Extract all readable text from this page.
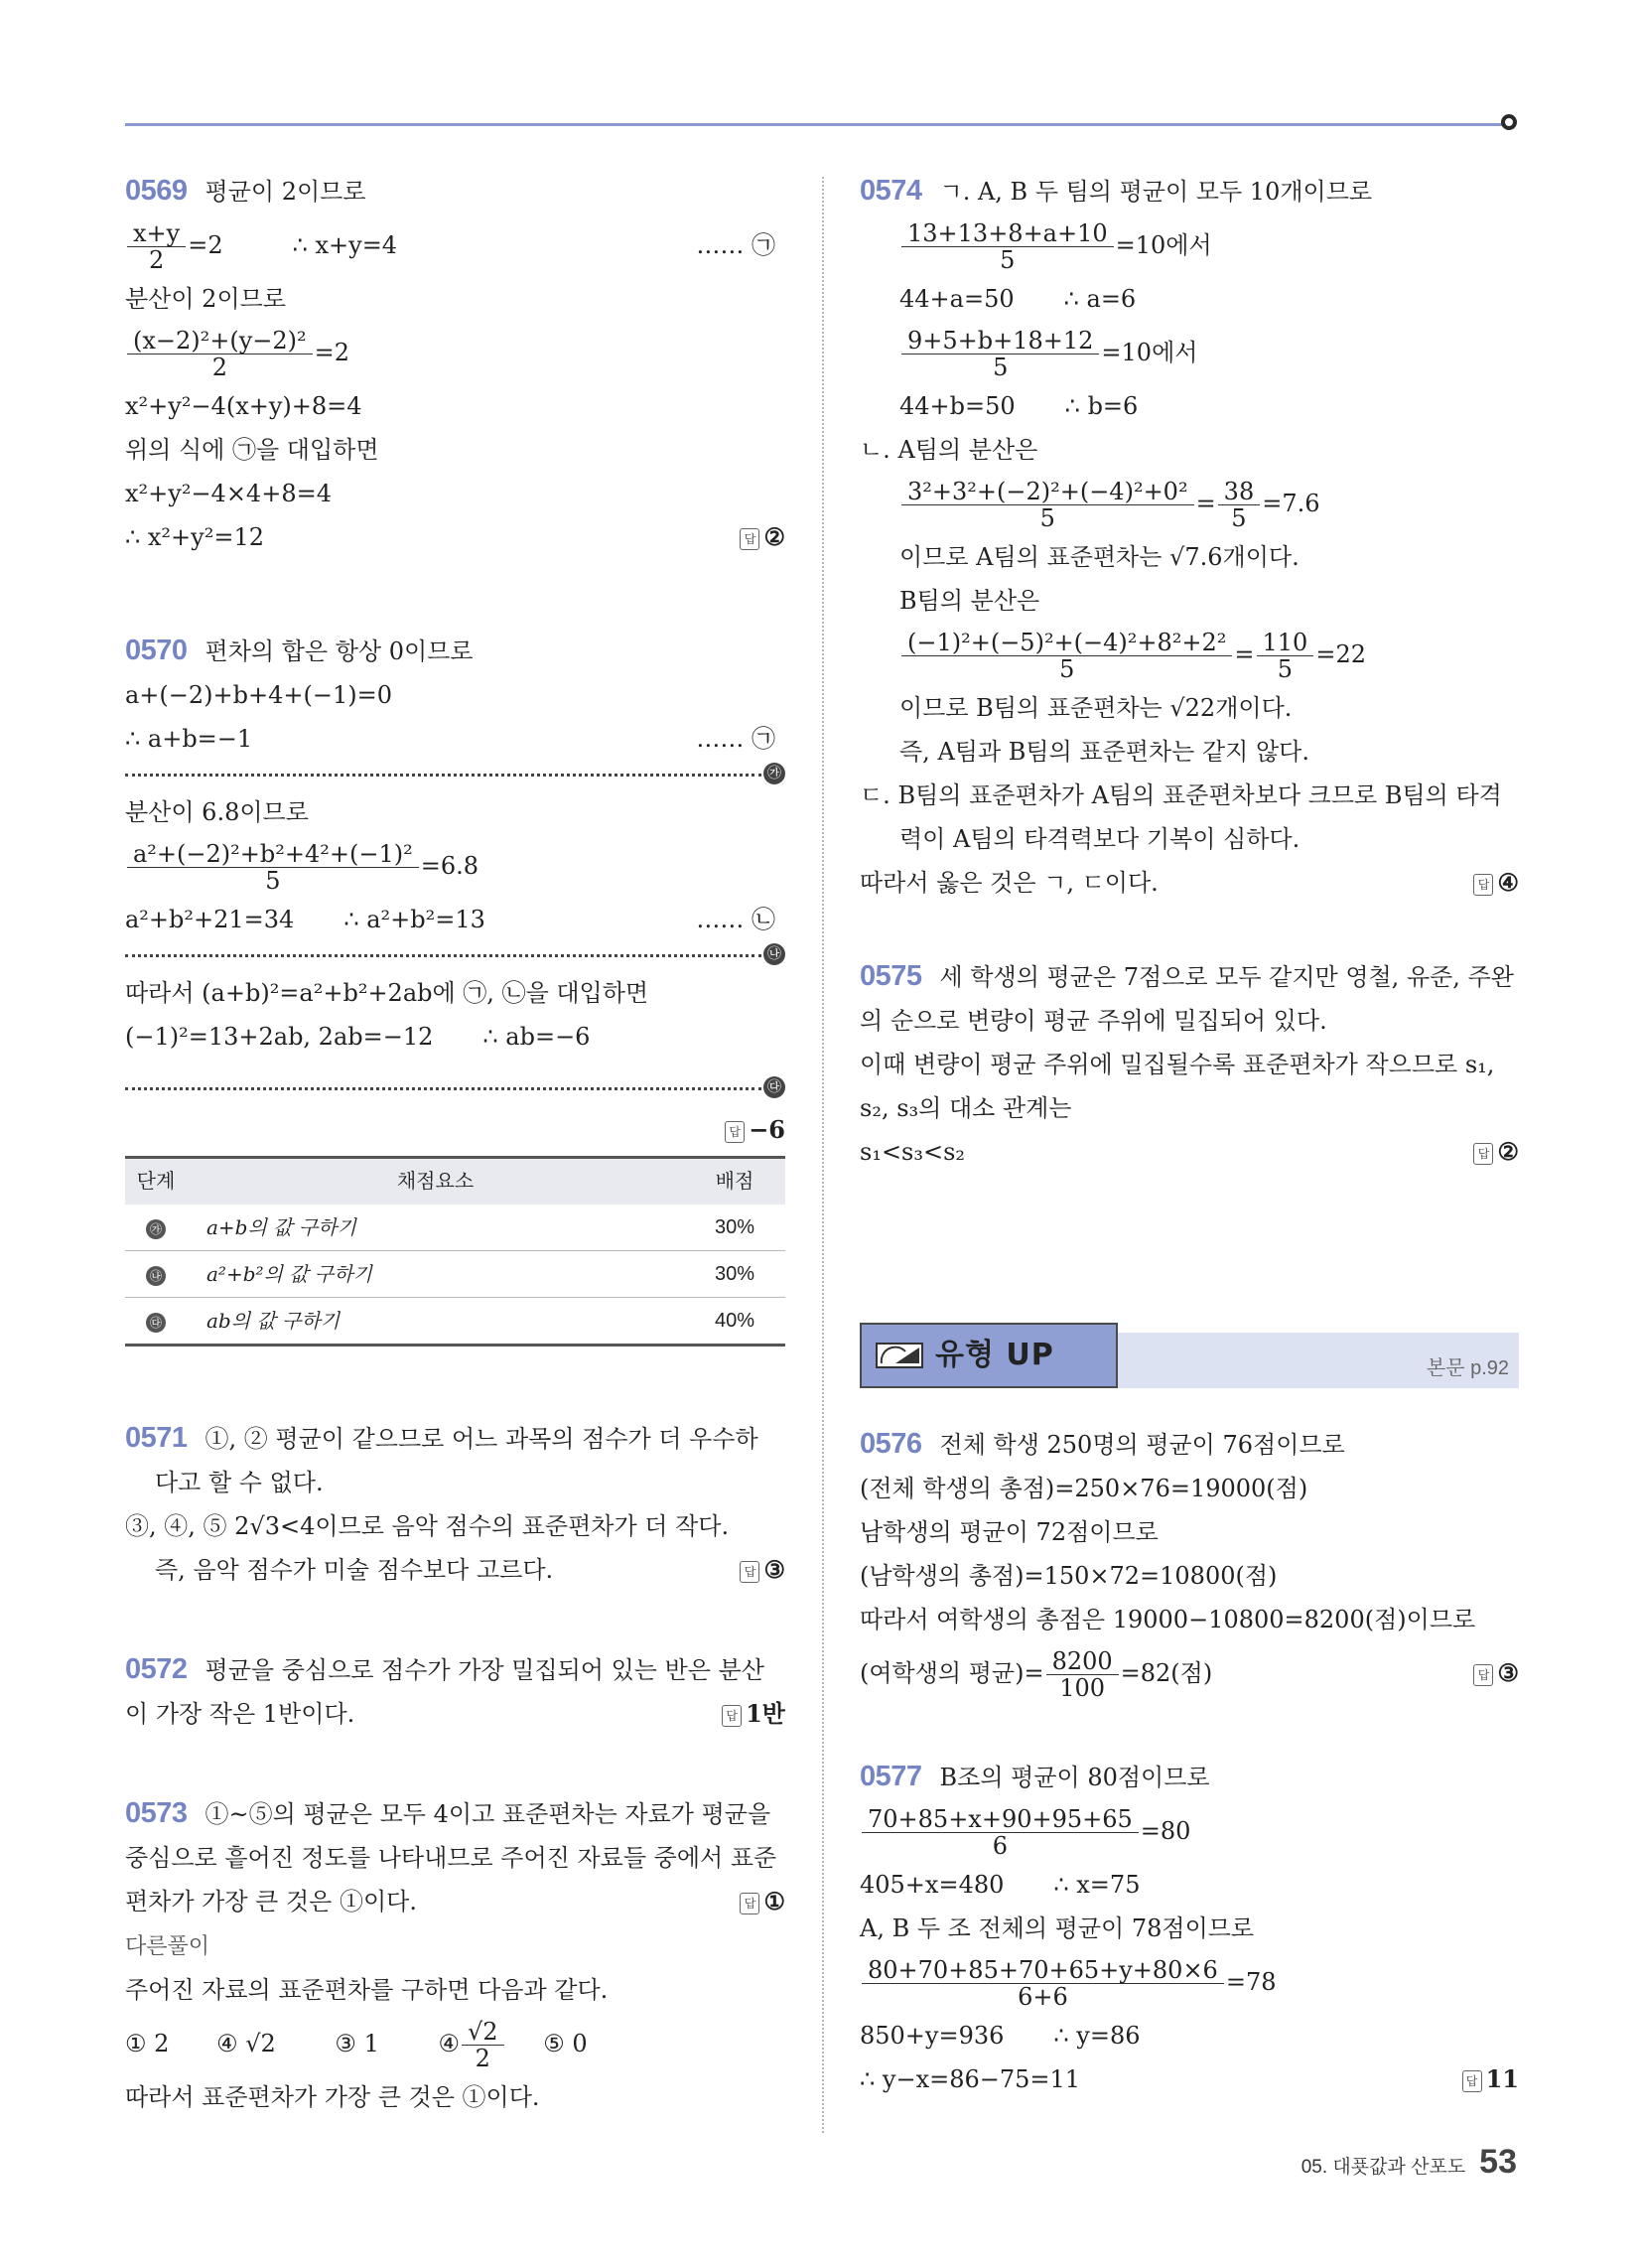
0569 평균이 2이므로
$\frac{x+y}{2} =2$	∴ x+y=4	…… ㉠
분산이 2이므로
$\frac{\text{(x−2)²+(y−2)²}}{2} =2$
x²+y²−4(x+y)+8=4
위의 식에 ㉠을 대입하면
x²+y²−4×4+8=4
∴ x²+y²=12	답 ②
0570 편차의 합은 항상 0이므로
a+(−2)+b+4+(−1)=0
∴ a+b=−1	…… ㉠
㉮
분산이 6.8이므로
$\frac{\text{a²+(−2)²+b²+4²+(−1)²}}{5} =6.8$
a²+b²+21=34 ∴ a²+b²=13	…… ㉡
㉯
따라서 (a+b)²=a²+b²+2ab에 ㉠, ㉡을 대입하면
(−1)²=13+2ab, 2ab=−12 ∴ ab=−6
㉰
답 −6
단계	채점요소	배점
㉮	a+b의 값 구하기	30%
㉯	a²+b²의 값 구하기	30%
㉰	ab의 값 구하기	40%
0571 ①, ② 평균이 같으므로 어느 과목의 점수가 더 우수하
다고 할 수 없다.
③, ④, ⑤ 2√3<4이므로 음악 점수의 표준편차가 더 작다.
즉, 음악 점수가 미술 점수보다 고르다.	답 ③
0572 평균을 중심으로 점수가 가장 밀집되어 있는 반은 분산
이 가장 작은 1반이다.	답 1반
0573 ①~⑤의 평균은 모두 4이고 표준편차는 자료가 평균을
중심으로 흩어진 정도를 나타내므로 주어진 자료들 중에서 표준
편차가 가장 큰 것은 ①이다.	답 ①
다른풀이
주어진 자료의 표준편차를 구하면 다음과 같다.
① 2 ④ √2 ③ 1 ④ $\frac{√2}{2}$ ⑤ 0
따라서 표준편차가 가장 큰 것은 ①이다.
0574 ㄱ. A, B 두 팀의 평균이 모두 10개이므로
$\frac{13+13+8+a+10}{5} =10$에서
44+a=50 ∴ a=6
$\frac{9+5+b+18+12}{5} =10$에서
44+b=50 ∴ b=6
ㄴ. A팀의 분산은
$\frac{\text{3²+3²+(−2)²+(−4)²+0²}}{5} = \frac{38}{5} =7.6$
이므로 A팀의 표준편차는 √7.6개이다.
B팀의 분산은
$\frac{\text{(−1)²+(−5)²+(−4)²+8²+2²}}{5} = \frac{110}{5} =22$
이므로 B팀의 표준편차는 √22개이다.
즉, A팀과 B팀의 표준편차는 같지 않다.
ㄷ. B팀의 표준편차가 A팀의 표준편차보다 크므로 B팀의 타격
력이 A팀의 타격력보다 기복이 심하다.
따라서 옳은 것은 ㄱ, ㄷ이다.	답 ④
0575 세 학생의 평균은 7점으로 모두 같지만 영철, 유준, 주완
의 순으로 변량이 평균 주위에 밀집되어 있다.
이때 변량이 평균 주위에 밀집될수록 표준편차가 작으므로 s₁,
s₂, s₃의 대소 관계는
s₁<s₃<s₂	답 ②
유형 UP	본문 p.92
0576 전체 학생 250명의 평균이 76점이므로
(전체 학생의 총점)=250×76=19000(점)
남학생의 평균이 72점이므로
(남학생의 총점)=150×72=10800(점)
따라서 여학생의 총점은 19000−10800=8200(점)이므로
(여학생의 평균)= $\frac{8200}{100} =82$(점)	답 ③
0577 B조의 평균이 80점이므로
$\frac{70+85+x+90+95+65}{6} =80$
405+x=480 ∴ x=75
A, B 두 조 전체의 평균이 78점이므로
$\frac{80+70+85+70+65+y+80\times 6}{6+6} =78$
850+y=936 ∴ y=86
∴ y−x=86−75=11	답 11
05. 대푯값과 산포도 53
